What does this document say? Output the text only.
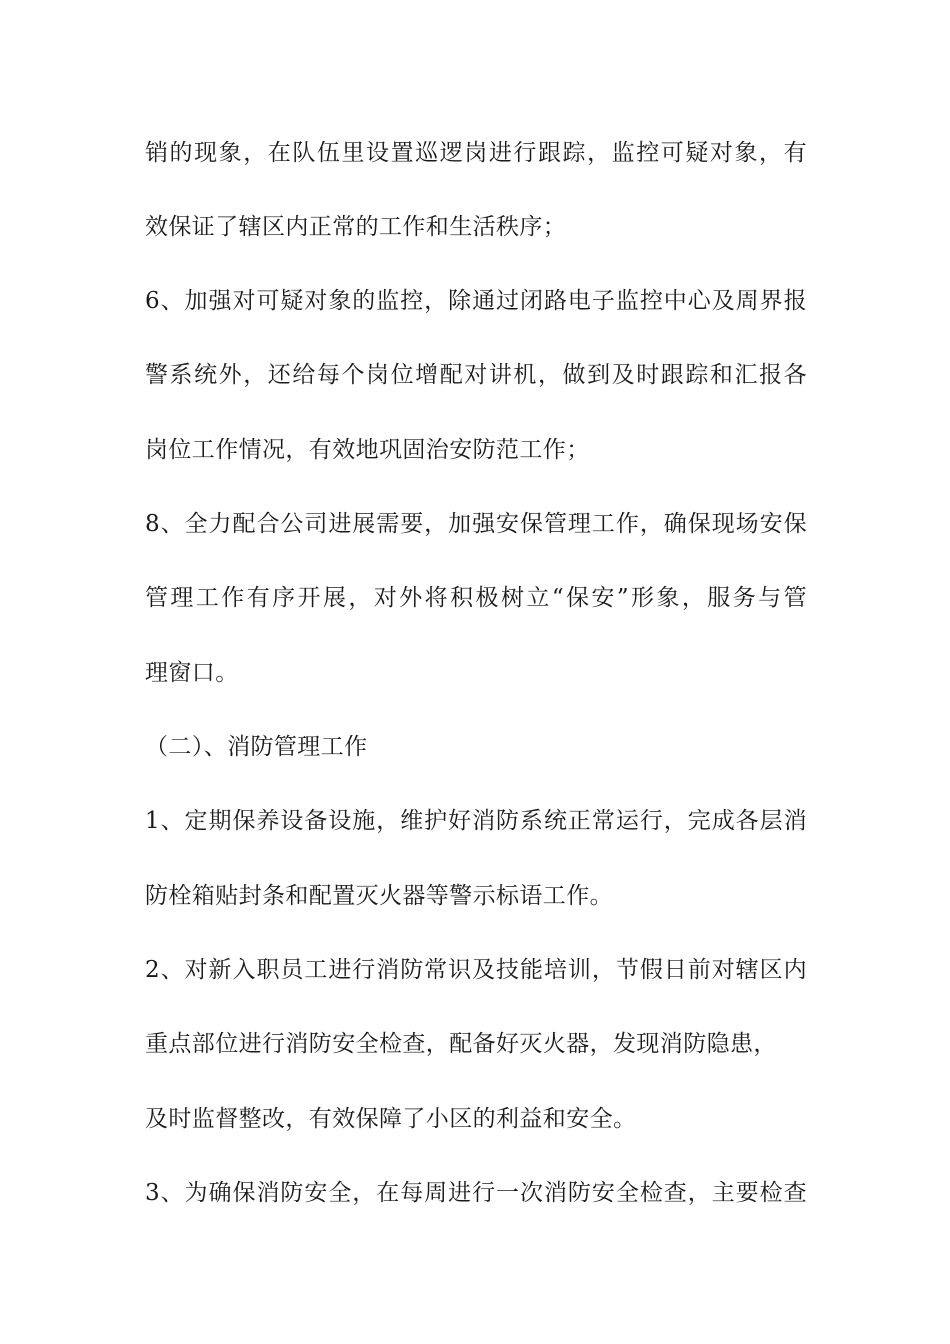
销的现象，在队伍里设置巡逻岗进行跟踪，监控可疑对象，有
效保证了辖区内正常的工作和生活秩序；
6、加强对可疑对象的监控，除通过闭路电子监控中心及周界报
警系统外，还给每个岗位增配对讲机，做到及时跟踪和汇报各
岗位工作情况，有效地巩固治安防范工作；
8、全力配合公司进展需要，加强安保管理工作，确保现场安保
管理工作有序开展，对外将积极树立“保安”形象，服务与管
理窗口。
（二）、消防管理工作
1、定期保养设备设施，维护好消防系统正常运行，完成各层消
防栓箱贴封条和配置灭火器等警示标语工作。
2、对新入职员工进行消防常识及技能培训，节假日前对辖区内
重点部位进行消防安全检查，配备好灭火器，发现消防隐患，
及时监督整改，有效保障了小区的利益和安全。
3、为确保消防安全，在每周进行一次消防安全检查，主要检查
